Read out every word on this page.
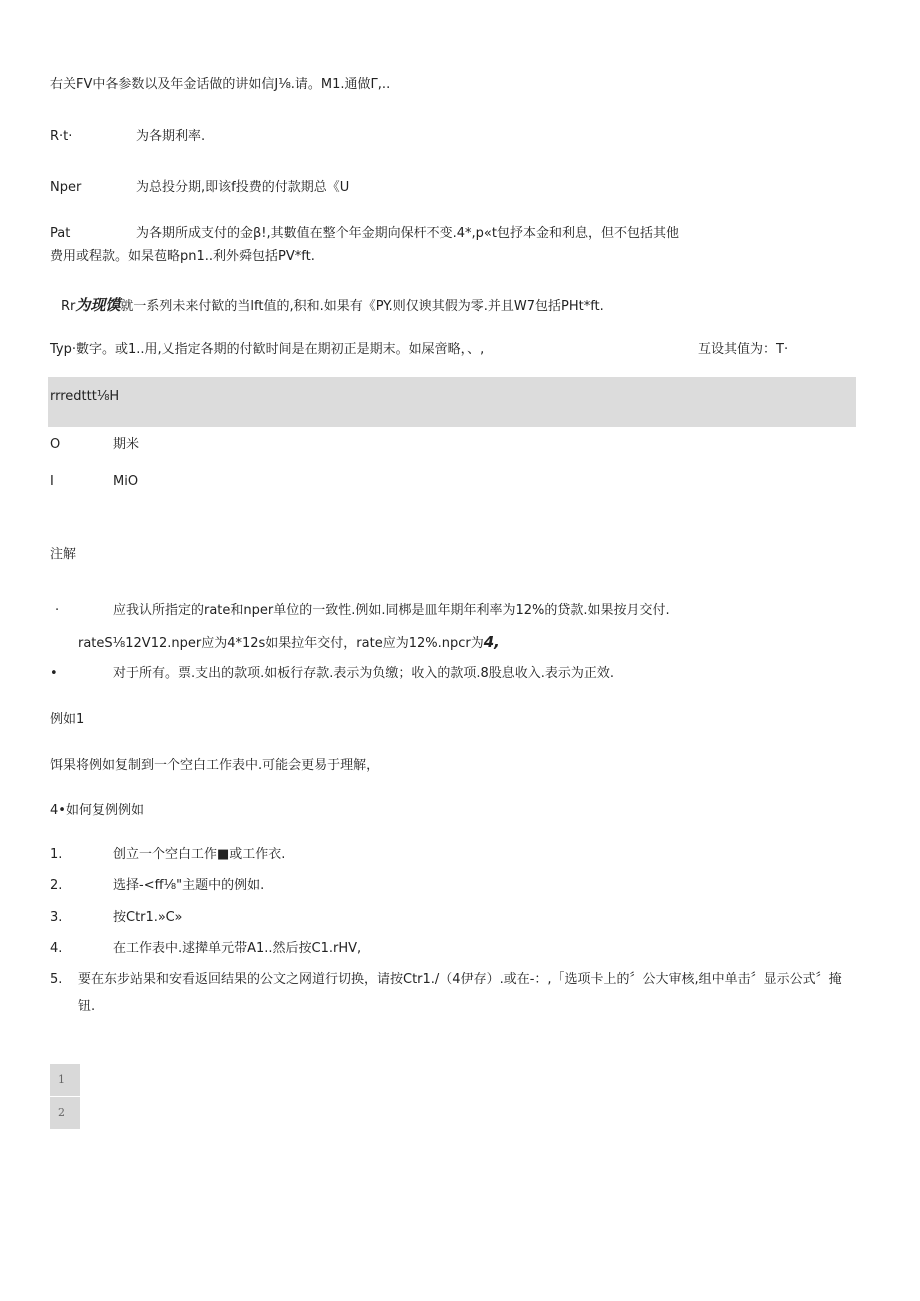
右关FV中各参数以及年金话做的讲如信J⅛.请。M1.通做Γ,..
R·t·	为各期利率.
Nper	为总投分期,即该f投费的付款期总《U
Pat	为各期所成支付的金β!,其數值在整个年金期向保杆不变.4*,p«t包抒本金和利息，但不包括其他
费用或程款。如杲苞略pn1..利外舜包括PV*ft.
Rr为现馍就一系列未来付歓的当lft值的,积和.如果有《PY.则仅谀其假为零.并且W7包括PHt*ft.
Typ·數字。或1..用,乂指定各期的付歓时间是在期初正是期末。如屎啻略，、,	互设其值为：T·
rrredttt⅛H
O	期米
I	MiO
注解
·	应我认所指定的rate和nper单位的一致性.例如.同梆是皿年期年利率为12%的贷款.如果按月交付.
rateS⅛12V12.nper应为4*12s如果拉年交付，rate应为12%.npcr为4,
•	对于所有。票.支出的款项.如板行存款.表示为负缴；收入的款项.8股息收入.表示为正效.
例如1
饵果将例如复制到一个空白工作表中.可能会更易于理解，
4•如何复例例如
1.	创立一个空白工作■或工作衣.
2.	选择-<ff⅛"主题中的例如.
3.	按Ctr1.»C»
4.	在工作表中.逑撵单元带A1..然后按C1.rHV,
5. 要在东步站果和安看返回结果的公文之网道行切换，请按Ctr1./（4伊存）.或在-：,「选项卡上的〞公大审核,组中单击〞显示公式〞掩
钮.
1
2
